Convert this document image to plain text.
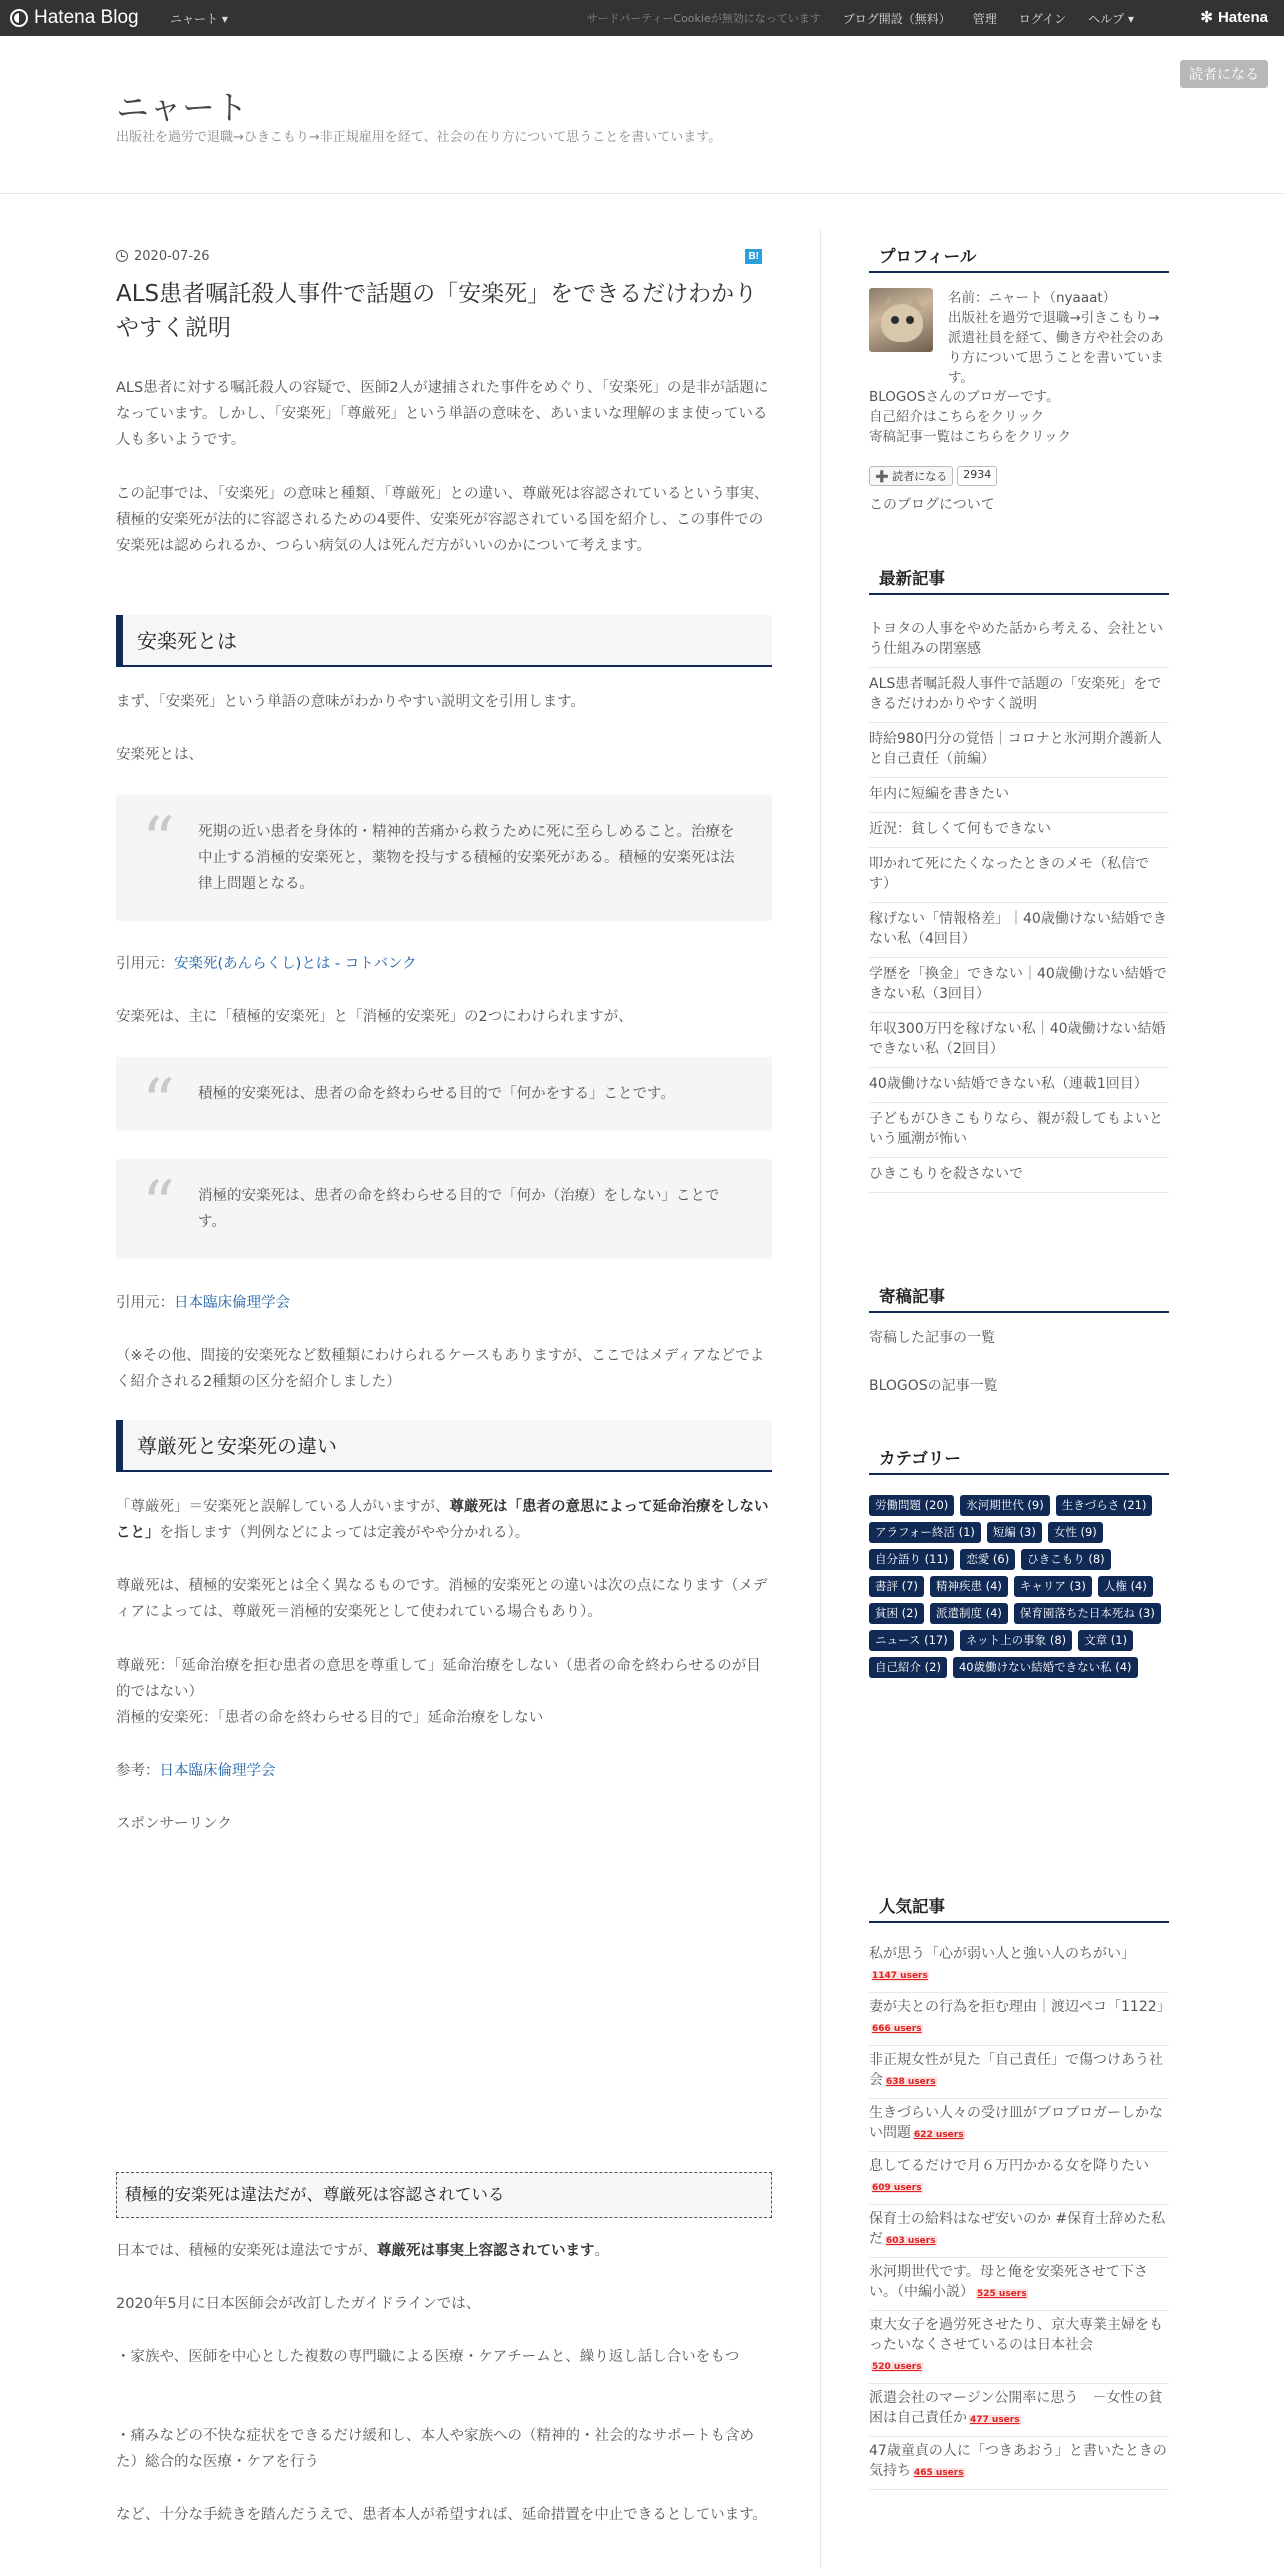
Hatena Blog	ニャート ▾	サードパーティーCookieが無効になっています ブログ開設（無料） 管理 ログイン ヘルプ ▾	✻ Hatena
読者になる
ニャート
出版社を過労で退職→ひきこもり→非正規雇用を経て、社会の在り方について思うことを書いています。
2020-07-26	B!
ALS患者嘱託殺人事件で話題の「安楽死」をできるだけわかりやすく説明
ALS患者に対する嘱託殺人の容疑で、医師2人が逮捕された事件をめぐり、「安楽死」の是非が話題になっています。しかし、「安楽死」「尊厳死」という単語の意味を、あいまいな理解のまま使っている人も多いようです。
この記事では、「安楽死」の意味と種類、「尊厳死」との違い、尊厳死は容認されているという事実、積極的安楽死が法的に容認されるための4要件、安楽死が容認されている国を紹介し、この事件での安楽死は認められるか、つらい病気の人は死んだ方がいいのかについて考えます。
安楽死とは
まず、「安楽死」という単語の意味がわかりやすい説明文を引用します。
安楽死とは、
“ 死期の近い患者を身体的・精神的苦痛から救うために死に至らしめること。治療を中止する消極的安楽死と，薬物を投与する積極的安楽死がある。積極的安楽死は法律上問題となる。
引用元：安楽死(あんらくし)とは - コトバンク
安楽死は、主に「積極的安楽死」と「消極的安楽死」の2つにわけられますが、
“ 積極的安楽死は、患者の命を終わらせる目的で「何かをする」ことです。
“ 消極的安楽死は、患者の命を終わらせる目的で「何か（治療）をしない」ことです。
引用元：日本臨床倫理学会
（※その他、間接的安楽死など数種類にわけられるケースもありますが、ここではメディアなどでよく紹介される2種類の区分を紹介しました）
尊厳死と安楽死の違い
「尊厳死」＝安楽死と誤解している人がいますが、尊厳死は「患者の意思によって延命治療をしないこと」を指します（判例などによっては定義がやや分かれる）。
尊厳死は、積極的安楽死とは全く異なるものです。消極的安楽死との違いは次の点になります（メディアによっては、尊厳死＝消極的安楽死として使われている場合もあり）。
尊厳死：「延命治療を拒む患者の意思を尊重して」延命治療をしない（患者の命を終わらせるのが目的ではない）
消極的安楽死：「患者の命を終わらせる目的で」延命治療をしない
参考：日本臨床倫理学会
スポンサーリンク
積極的安楽死は違法だが、尊厳死は容認されている
日本では、積極的安楽死は違法ですが、尊厳死は事実上容認されています。
2020年5月に日本医師会が改訂したガイドラインでは、
・家族や、医師を中心とした複数の専門職による医療・ケアチームと、繰り返し話し合いをもつ
・痛みなどの不快な症状をできるだけ緩和し、本人や家族への（精神的・社会的なサポートも含めた）総合的な医療・ケアを行う
など、十分な手続きを踏んだうえで、患者本人が希望すれば、延命措置を中止できるとしています。
プロフィール
名前：ニャート（nyaaat）
出版社を過労で退職→引きこもり→派遣社員を経て、働き方や社会のあり方について思うことを書いています。
BLOGOSさんのブロガーです。
自己紹介はこちらをクリック
寄稿記事一覧はこちらをクリック
➕ 読者になる	2934
このブログについて
最新記事
トヨタの人事をやめた話から考える、会社という仕組みの閉塞感
ALS患者嘱託殺人事件で話題の「安楽死」をできるだけわかりやすく説明
時給980円分の覚悟｜コロナと氷河期介護新人と自己責任（前編）
年内に短編を書きたい
近況：貧しくて何もできない
叩かれて死にたくなったときのメモ（私信です）
稼げない「情報格差」｜40歳働けない結婚できない私（4回目）
学歴を「換金」できない｜40歳働けない結婚できない私（3回目）
年収300万円を稼げない私｜40歳働けない結婚できない私（2回目）
40歳働けない結婚できない私（連載1回目）
子どもがひきこもりなら、親が殺してもよいという風潮が怖い
ひきこもりを殺さないで
寄稿記事
寄稿した記事の一覧
BLOGOSの記事一覧
カテゴリー
労働問題 (20)	氷河期世代 (9)	生きづらさ (21)
アラフォー終活 (1)	短編 (3)	女性 (9)
自分語り (11)	恋愛 (6)	ひきこもり (8)
書評 (7)	精神疾患 (4)	キャリア (3)	人権 (4)
貧困 (2)	派遣制度 (4)	保育園落ちた日本死ね (3)
ニュース (17)	ネット上の事象 (8)	文章 (1)
自己紹介 (2)	40歳働けない結婚できない私 (4)
人気記事
私が思う「心が弱い人と強い人のちがい」
1147 users
妻が夫との行為を拒む理由｜渡辺ペコ「1122」666 users
非正規女性が見た「自己責任」で傷つけあう社会 638 users
生きづらい人々の受け皿がブロブロガーしかない問題 622 users
息してるだけで月６万円かかる女を降りたい
609 users
保育士の給料はなぜ安いのか #保育士辞めた私だ 603 users
氷河期世代です。母と俺を安楽死させて下さい。（中編小説） 525 users
東大女子を過労死させたり、京大専業主婦をもったいなくさせているのは日本社会
520 users
派遣会社のマージン公開率に思う　－女性の貧困は自己責任か 477 users
47歳童貞の人に「つきあおう」と書いたときの気持ち 465 users
